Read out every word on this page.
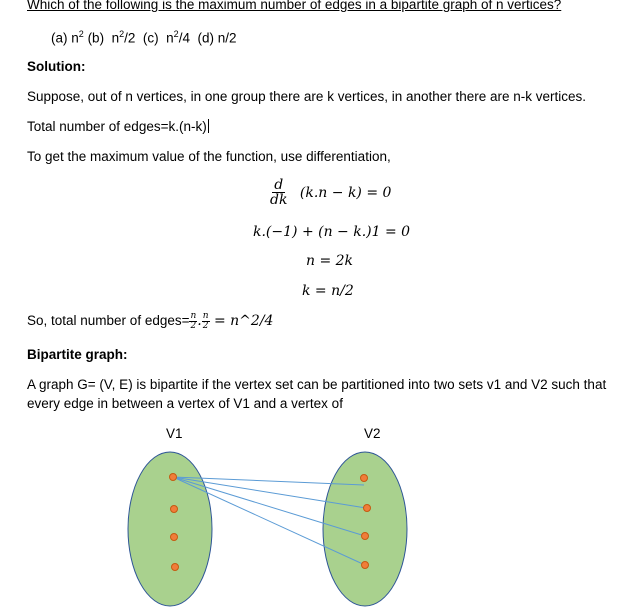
Which of the following is the maximum number of edges in a bipartite graph of n vertices?
(a) $n^2$ (b) $n^2/2$ (c) $n^2/4$ (d) n/2
Solution:
Suppose, out of n vertices, in one group there are k vertices, in another there are n-k vertices.
Total number of edges=k.(n-k)
To get the maximum value of the function, use differentiation,
$\frac{d}{dk} (k.n - k) = 0$
k.(−1) + (n − k.)1 = 0
n = 2k
k = n/2
So, total number of edges= $\frac{n}{2}$ . $\frac{n}{2}$ = n^2/4
Bipartite graph:
A graph G= (V, E) is bipartite if the vertex set can be partitioned into two sets v1 and V2 such that
every edge in between a vertex of V1 and a vertex of
V1	V2
